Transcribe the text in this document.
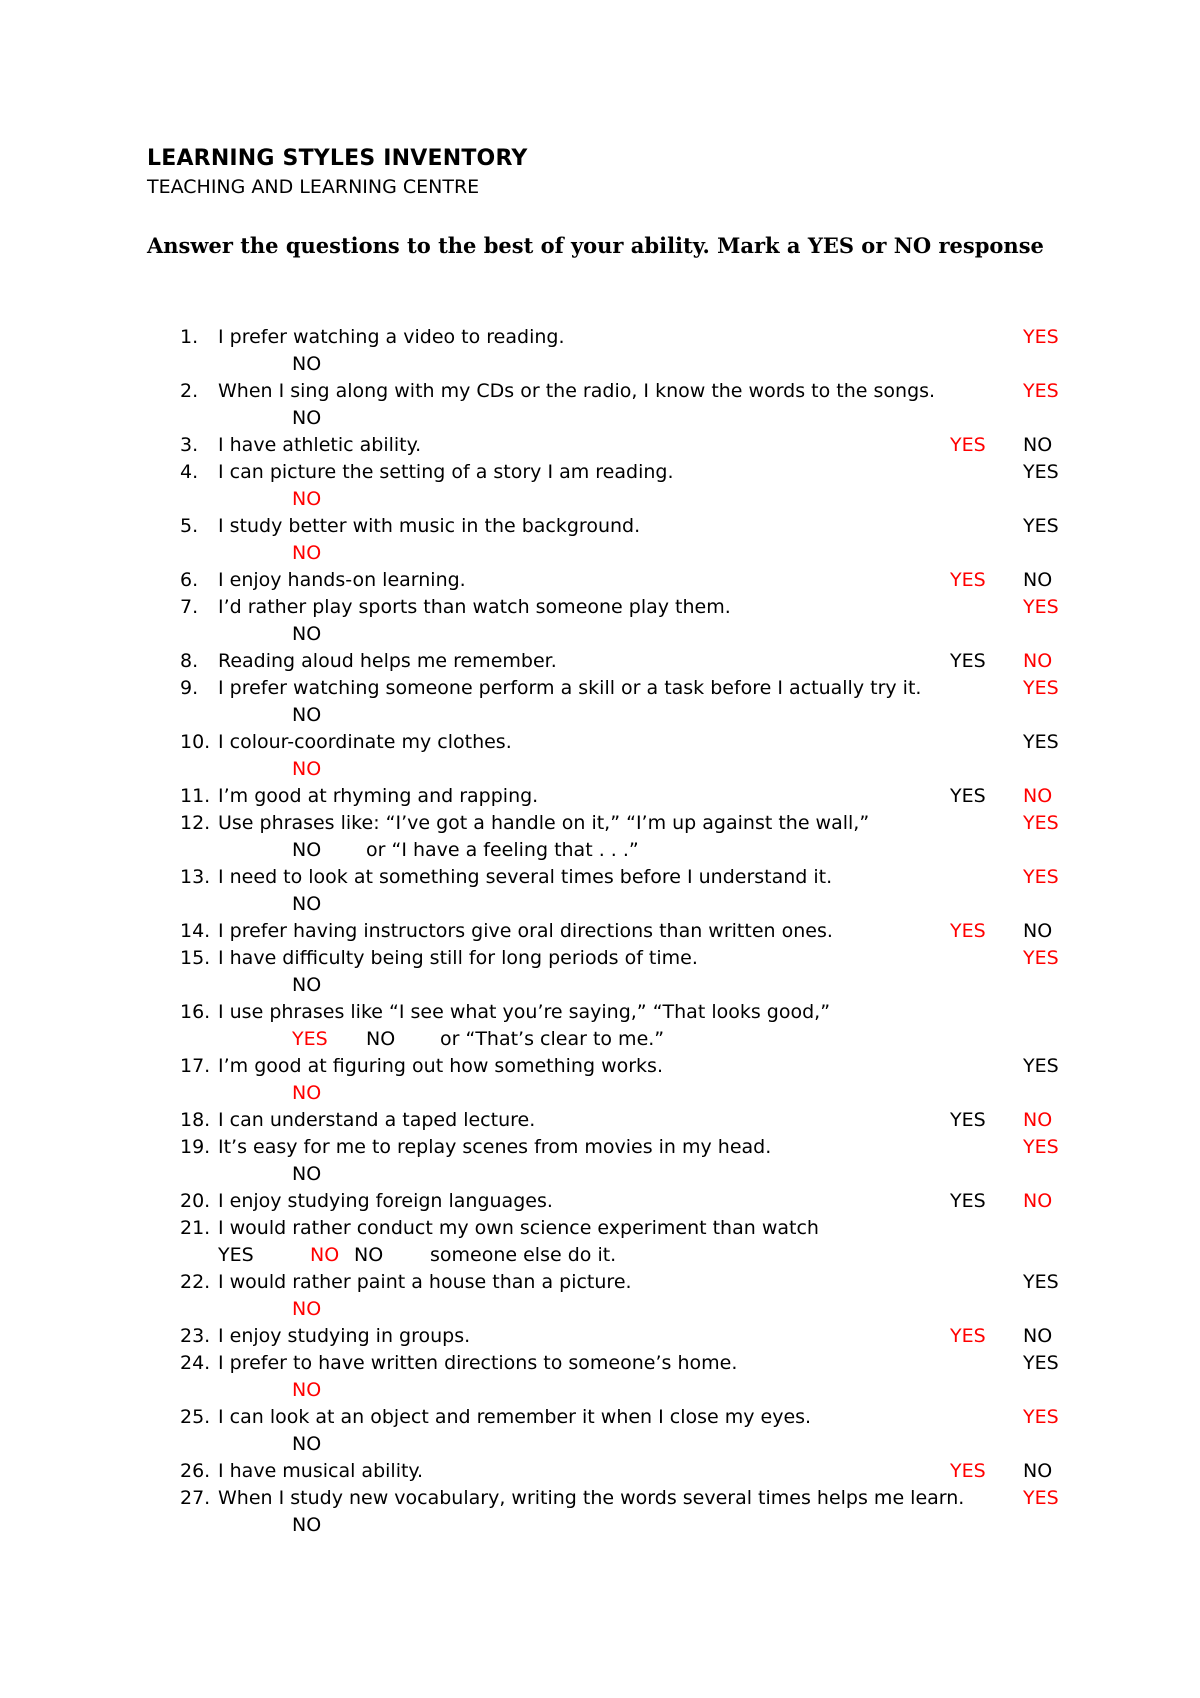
LEARNING STYLES INVENTORY
TEACHING AND LEARNING CENTRE
Answer the questions to the best of your ability. Mark a YES or NO response
1.	I prefer watching a video to reading.	YES
NO
2.	When I sing along with my CDs or the radio, I know the words to the songs.	YES
NO
3.	I have athletic ability.	YES NO
4.	I can picture the setting of a story I am reading.	YES
NO
5.	I study better with music in the background.	YES
NO
6.	I enjoy hands-on learning.	YES NO
7.	I’d rather play sports than watch someone play them.	YES
NO
8.	Reading aloud helps me remember.	YES NO
9.	I prefer watching someone perform a skill or a task before I actually try it.	YES
NO
10. I colour-coordinate my clothes.	YES
NO
11. I’m good at rhyming and rapping.	YES NO
12. Use phrases like: “I’ve got a handle on it,” “I’m up against the wall,”	YES
NO or “I have a feeling that . . .”
13. I need to look at something several times before I understand it.	YES
NO
14. I prefer having instructors give oral directions than written ones.	YES NO
15. I have difficulty being still for long periods of time.	YES
NO
16. I use phrases like “I see what you’re saying,” “That looks good,”
YES NO or “That’s clear to me.”
17. I’m good at figuring out how something works.	YES
NO
18. I can understand a taped lecture.	YES NO
19. It’s easy for me to replay scenes from movies in my head.	YES
NO
20. I enjoy studying foreign languages.	YES NO
21. I would rather conduct my own science experiment than watch
YES	NO NO someone else do it.
22. I would rather paint a house than a picture.	YES
NO
23. I enjoy studying in groups.	YES NO
24. I prefer to have written directions to someone’s home.	YES
NO
25. I can look at an object and remember it when I close my eyes.	YES
NO
26. I have musical ability.	YES NO
27. When I study new vocabulary, writing the words several times helps me learn.	YES
NO
